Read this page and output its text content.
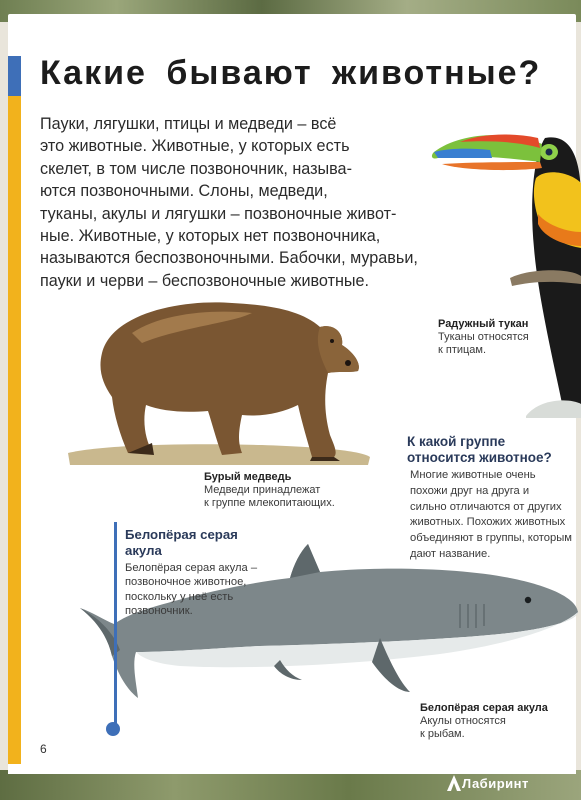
Какие бывают животные?
Пауки, лягушки, птицы и медведи – всё
это животные. Животные, у которых есть
скелет, в том числе позвоночник, называ-
ются позвоночными. Слоны, медведи,
туканы, акулы и лягушки – позвоночные живот-
ные. Животные, у которых нет позвоночника,
называются беспозвоночными. Бабочки, муравьи,
пауки и черви – беспозвоночные животные.
Радужный тукан
Туканы относятся
к птицам.
Бурый медведь
Медведи принадлежат
к группе млекопитающих.
К какой группе
относится животное?
Многие животные очень
похожи друг на друга и
сильно отличаются от других
животных. Похожих животных
объединяют в группы, которым
дают название.
Белопёрая серая
акула
Белопёрая серая акула –
позвоночное животное,
поскольку у неё есть
позвоночник.
Белопёрая серая акула
Акулы относятся
к рыбам.
6
Лабиринт
